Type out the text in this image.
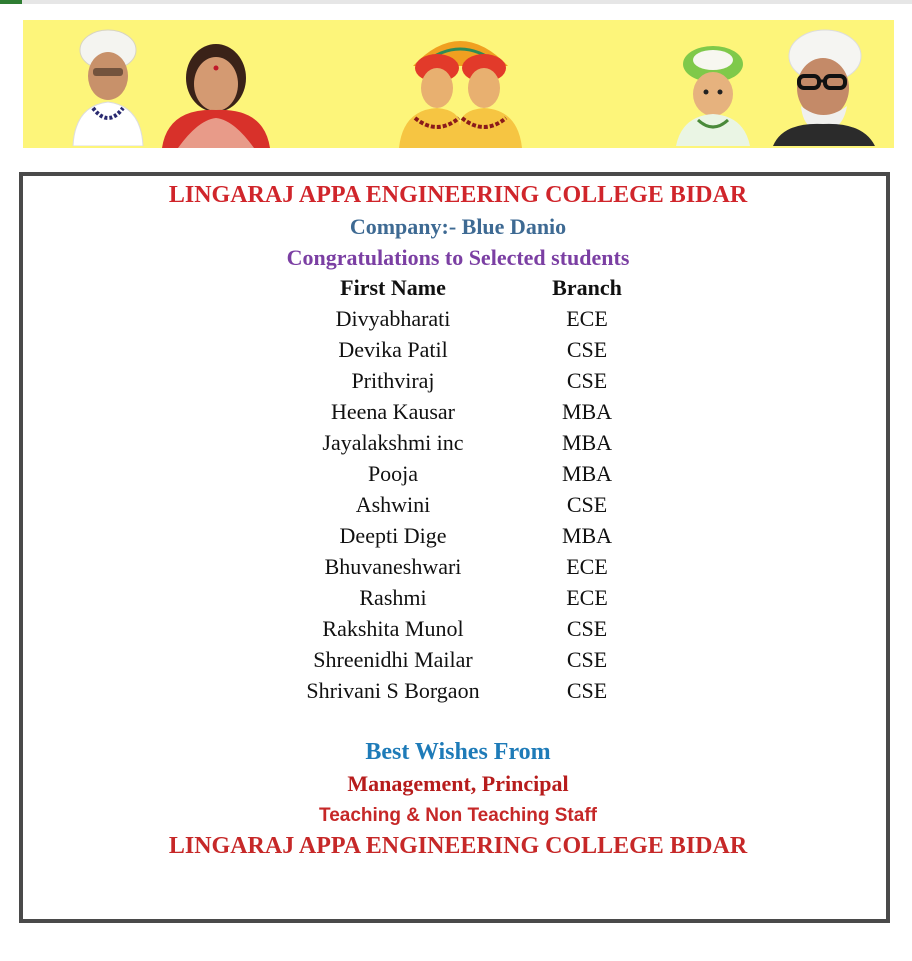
LINGARAJ APPA ENGINEERING COLLEGE BIDAR
Company:- Blue Danio
Congratulations to Selected students
First Name	Branch
Divyabharati	ECE
Devika Patil	CSE
Prithviraj	CSE
Heena Kausar	MBA
Jayalakshmi inc	MBA
Pooja	MBA
Ashwini	CSE
Deepti Dige	MBA
Bhuvaneshwari	ECE
Rashmi	ECE
Rakshita Munol	CSE
Shreenidhi Mailar	CSE
Shrivani S Borgaon	CSE
Best Wishes From
Management, Principal
Teaching & Non Teaching Staff
LINGARAJ APPA ENGINEERING COLLEGE BIDAR
